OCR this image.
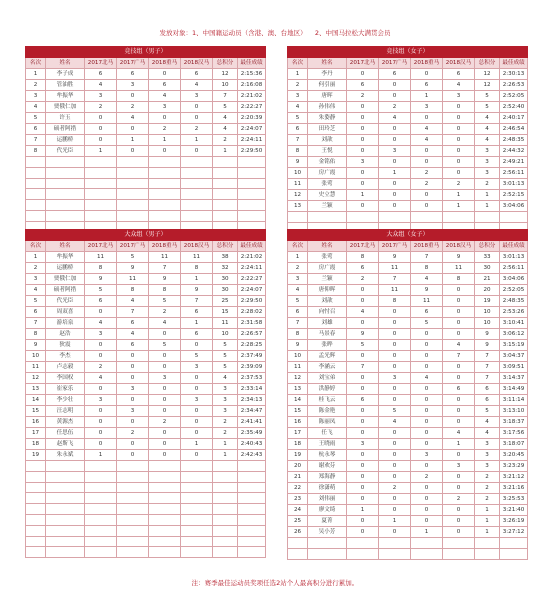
发放对象：1、中国籍运动员（含港、澳、台地区）    2、中国马拉松大满贯会员
竞技组（男子）							
名次	姓名	2017北马	2017广马	2018重马	2018汉马	总积分	最佳成绩
1	李子成	6	6	0	6	12	2:15:36
2	管油胜	4	3	6	4	10	2:16:08
3	牟振华	3	0	4	3	7	2:21:02
4	贾俄仁加	2	2	3	0	5	2:22:27
5	许玉	0	4	0	0	4	2:20:39
6	硕者阿措	0	0	2	2	4	2:24:07
7	运鹏桥	0	1	1	1	2	2:24:11
8	代光臣	1	0	0	0	1	2:29:50

竞技组（女子）							
名次	姓名	2017北马	2017广马	2018重马	2018汉马	总积分	最佳成绩
1	李丹	0	6	0	6	12	2:30:13
2	何引丽	6	0	6	4	12	2:26:53
3	唐晖	2	0	1	3	5	2:52:05
4	孙伟伟	0	2	3	0	5	2:52:40
5	朱姿静	0	4	0	0	4	2:40:17
6	田玲芝	0	0	4	0	4	2:46:54
7	刘歆	0	0	4	0	4	2:48:35
8	王悦	0	3	0	0	3	2:44:32
9	金铭佑	3	0	0	0	3	2:49:21
10	房广霞	0	1	2	0	3	2:56:11
11	张莺	0	0	2	2	2	3:01:13
12	史立慧	1	0	0	1	1	2:52:15
13	兰颖	0	0	0	1	1	3:04:06

大众组（男子）							
名次	姓名	2017北马	2017广马	2018重马	2018汉马	总积分	最佳成绩
1	牟振华	11	5	11	11	38	2:21:02
2	运鹏桥	8	9	7	8	32	2:24:11
3	贾俄仁加	9	11	9	1	30	2:22:27
4	硕者阿措	5	8	8	9	30	2:24:07
5	代光臣	6	4	5	7	25	2:29:50
6	周双喜	0	7	2	6	15	2:28:02
7	游培泉	4	6	4	1	11	2:31:58
8	赵浩	3	4	0	6	10	2:26:57
9	狄震	0	6	5	0	5	2:28:25
10	李杰	0	0	0	5	5	2:37:49
11	卢志毅	2	0	0	3	5	2:39:09
12	李国权	4	0	3	0	4	2:37:53
13	崔家乐	0	3	0	0	3	2:33:14
14	李少壮	3	0	0	3	3	2:34:13
15	汪志明	0	3	0	0	3	2:34:47
16	黄源杰	0	0	2	0	2	2:41:41
17	任思伍	0	2	0	0	2	2:35:49
18	赵斯飞	0	0	0	1	1	2:40:43
19	朱永斌	1	0	0	0	1	2:42:43

大众组（女子）							
名次	姓名	2017北马	2017广马	2018重马	2018汉马	总积分	最佳成绩
1	张莺	8	9	7	9	33	3:01:13
2	房广霞	6	11	8	11	30	2:56:11
3	兰颖	2	7	4	8	21	3:04:06
4	唐仰晖	0	11	9	0	20	2:52:05
5	刘歆	0	8	11	0	19	2:48:35
6	向忖召	4	0	6	0	10	2:53:26
7	刘雄	0	0	5	0	10	3:10:41
8	马景春	9	0	0	0	9	3:06:12
9	张晔	5	0	0	4	9	3:15:19
10	孟光辉	0	0	0	7	7	3:04:37
11	李涵云	7	0	0	0	7	3:09:51
12	刘宝弟	0	3	4	0	7	3:14:37
13	洪静婷	0	0	0	6	6	3:14:49
14	桂飞云	6	0	0	0	6	3:11:14
15	陈金艳	0	5	0	0	5	3:13:10
16	陈丽凤	0	4	0	0	4	3:18:37
17	任飞	0	0	0	4	4	3:17:56
18	王晓雨	3	0	0	1	3	3:18:07
19	杭永琴	0	0	3	0	3	3:20:45
20	谢欢芬	0	0	0	3	3	3:23:29
21	郑海静	0	0	2	0	2	3:21:12
22	徐潇萌	0	2	0	0	2	3:21:16
23	刘伟丽	0	0	0	2	2	3:25:53
24	廖文绮	1	0	0	0	1	3:21:40
25	夏菁	0	1	0	0	1	3:26:19
26	吴小芳	0	0	1	0	1	3:27:12

注：赛季最佳运动员奖项任选2站个人最高积分进行累加。
